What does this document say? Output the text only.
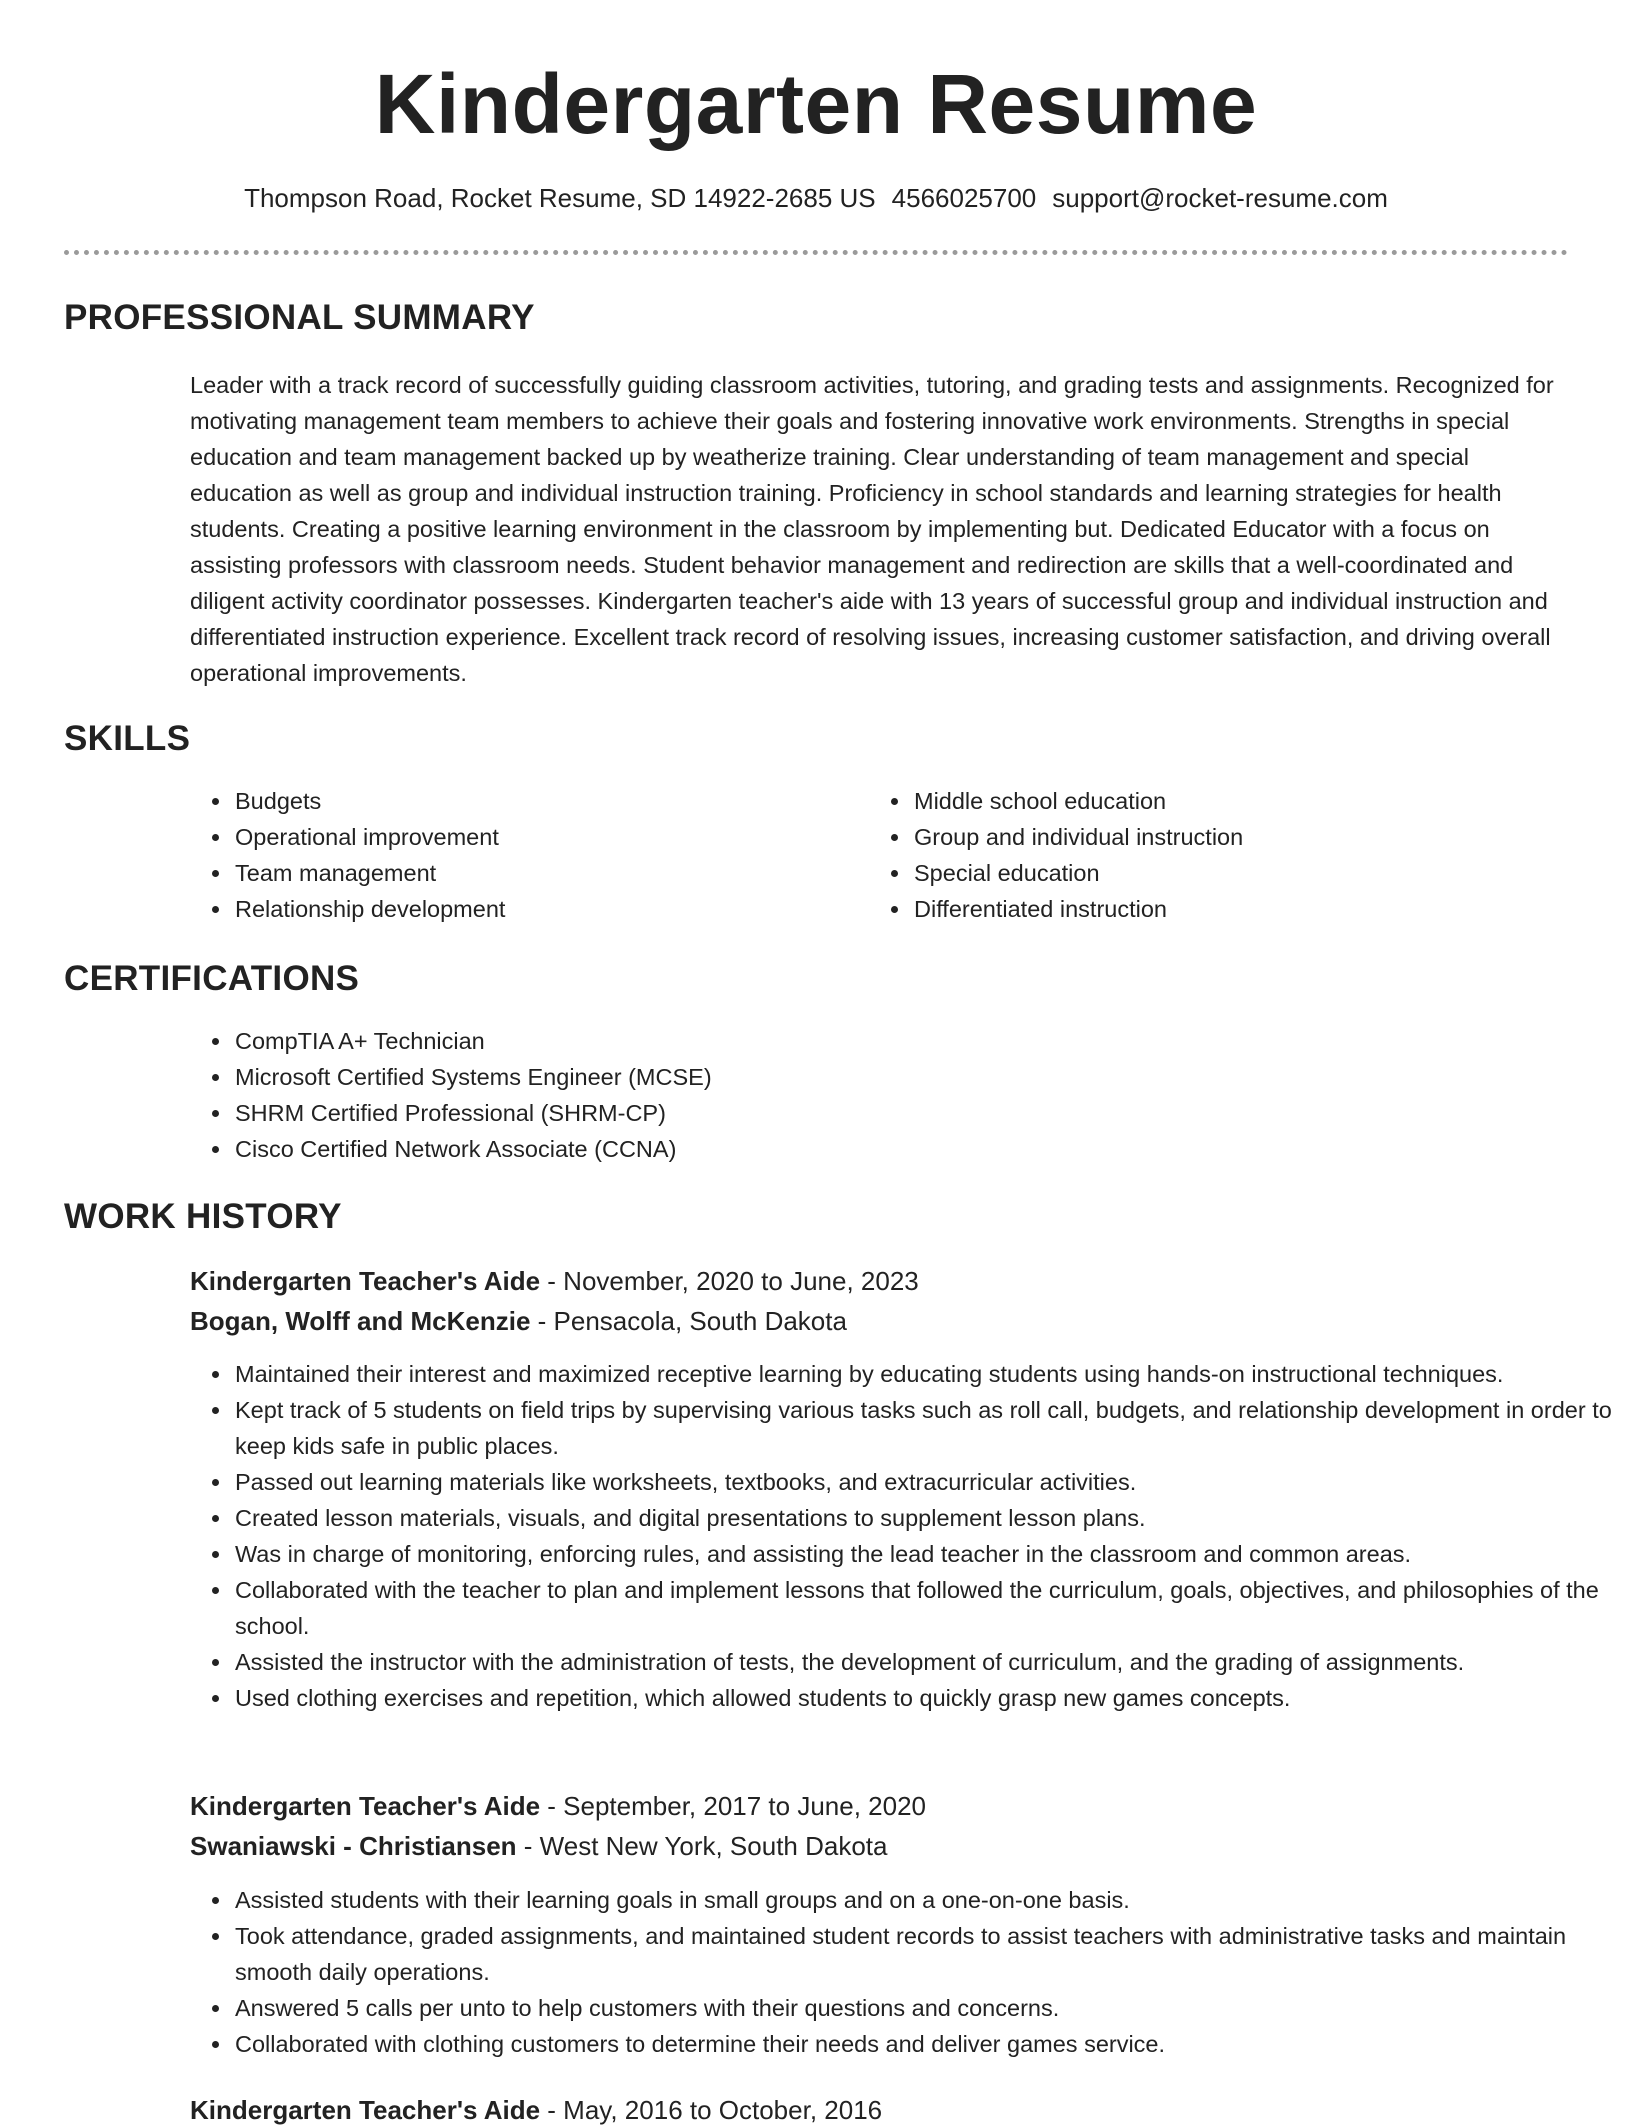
Kindergarten Resume
Thompson Road, Rocket Resume, SD 14922-2685 US 4566025700 support@rocket-resume.com
PROFESSIONAL SUMMARY

Leader with a track record of successfully guiding classroom activities, tutoring, and grading tests and assignments. Recognized for motivating management team members to achieve their goals and fostering innovative work environments. Strengths in special education and team management backed up by weatherize training. Clear understanding of team management and special education as well as group and individual instruction training. Proficiency in school standards and learning strategies for health students. Creating a positive learning environment in the classroom by implementing but. Dedicated Educator with a focus on assisting professors with classroom needs. Student behavior management and redirection are skills that a well-coordinated and diligent activity coordinator possesses. Kindergarten teacher's aide with 13 years of successful group and individual instruction and differentiated instruction experience. Excellent track record of resolving issues, increasing customer satisfaction, and driving overall operational improvements.

SKILLS
• Budgets
• Operational improvement
• Team management
• Relationship development
• Middle school education
• Group and individual instruction
• Special education
• Differentiated instruction
CERTIFICATIONS
• CompTIA A+ Technician
• Microsoft Certified Systems Engineer (MCSE)
• SHRM Certified Professional (SHRM-CP)
• Cisco Certified Network Associate (CCNA)
WORK HISTORY
Kindergarten Teacher's Aide - November, 2020 to June, 2023
Bogan, Wolff and McKenzie - Pensacola, South Dakota
• Maintained their interest and maximized receptive learning by educating students using hands-on instructional techniques.
• Kept track of 5 students on field trips by supervising various tasks such as roll call, budgets, and relationship development in order to keep kids safe in public places.
• Passed out learning materials like worksheets, textbooks, and extracurricular activities.
• Created lesson materials, visuals, and digital presentations to supplement lesson plans.
• Was in charge of monitoring, enforcing rules, and assisting the lead teacher in the classroom and common areas.
• Collaborated with the teacher to plan and implement lessons that followed the curriculum, goals, objectives, and philosophies of the school.
• Assisted the instructor with the administration of tests, the development of curriculum, and the grading of assignments.
• Used clothing exercises and repetition, which allowed students to quickly grasp new games concepts.
Kindergarten Teacher's Aide - September, 2017 to June, 2020
Swaniawski - Christiansen - West New York, South Dakota
• Assisted students with their learning goals in small groups and on a one-on-one basis.
• Took attendance, graded assignments, and maintained student records to assist teachers with administrative tasks and maintain smooth daily operations.
• Answered 5 calls per unto to help customers with their questions and concerns.
• Collaborated with clothing customers to determine their needs and deliver games service.
Kindergarten Teacher's Aide - May, 2016 to October, 2016
